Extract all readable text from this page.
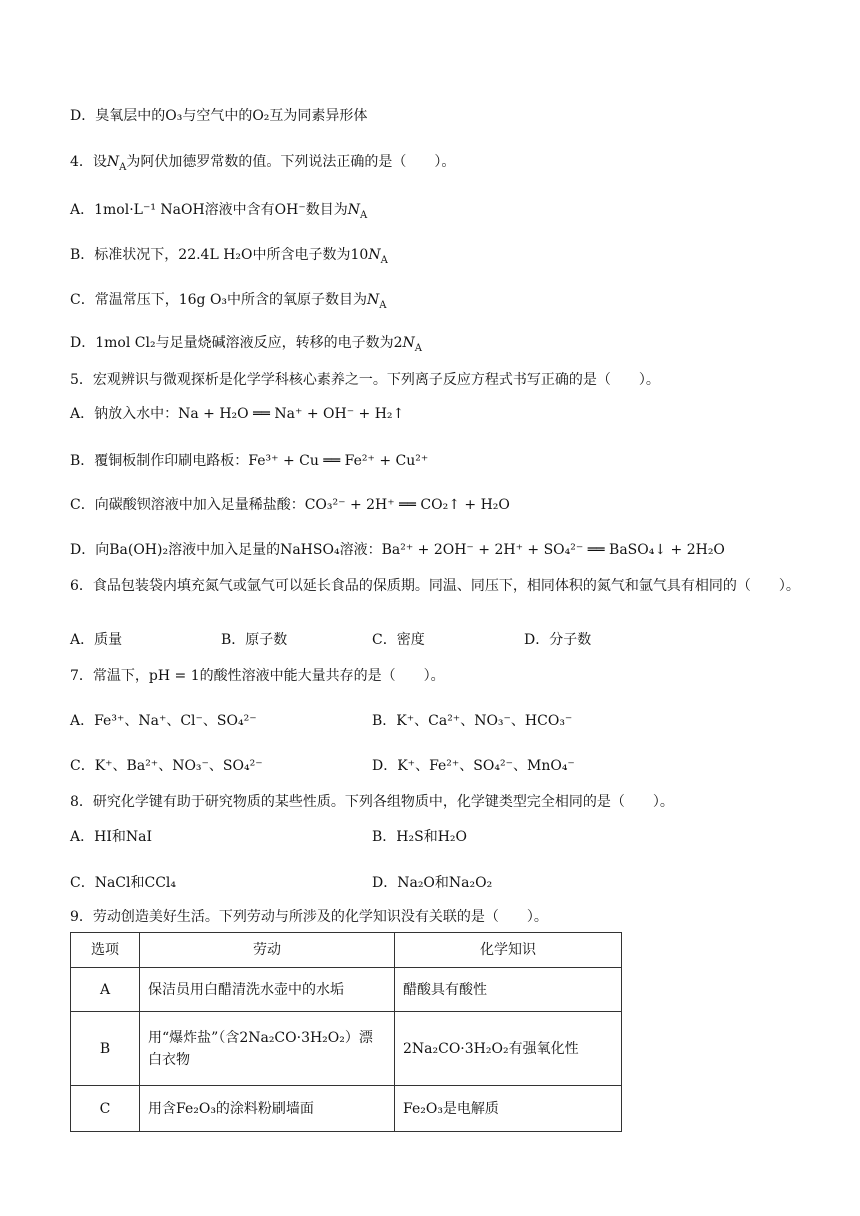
D．臭氧层中的O₃与空气中的O₂互为同素异形体
4．设$N_A$为阿伏加德罗常数的值。下列说法正确的是（　　）。
A．1mol·L⁻¹ NaOH溶液中含有OH⁻数目为$N_A$
B．标准状况下，22.4L H₂O中所含电子数为$10N_A$
C．常温常压下，16g O₃中所含的氧原子数目为$N_A$
D．1mol Cl₂与足量烧碱溶液反应，转移的电子数为$2N_A$
5．宏观辨识与微观探析是化学学科核心素养之一。下列离子反应方程式书写正确的是（　　）。
A．钠放入水中：Na + H₂O ══ Na⁺ + OH⁻ + H₂↑
B．覆铜板制作印刷电路板：Fe³⁺ + Cu ══ Fe²⁺ + Cu²⁺
C．向碳酸钡溶液中加入足量稀盐酸：CO₃²⁻ + 2H⁺ ══ CO₂↑ + H₂O
D．向Ba(OH)₂溶液中加入足量的NaHSO₄溶液：Ba²⁺ + 2OH⁻ + 2H⁺ + SO₄²⁻ ══ BaSO₄↓ + 2H₂O
6．食品包装袋内填充氮气或氩气可以延长食品的保质期。同温、同压下，相同体积的氮气和氩气具有相同的（　　）。
A．质量	B．原子数	C．密度	D．分子数
7．常温下，pH = 1的酸性溶液中能大量共存的是（　　）。
A．Fe³⁺、Na⁺、Cl⁻、SO₄²⁻	B．K⁺、Ca²⁺、NO₃⁻、HCO₃⁻
C．K⁺、Ba²⁺、NO₃⁻、SO₄²⁻	D．K⁺、Fe²⁺、SO₄²⁻、MnO₄⁻
8．研究化学键有助于研究物质的某些性质。下列各组物质中，化学键类型完全相同的是（　　）。
A．HI和NaI	B．H₂S和H₂O
C．NaCl和CCl₄	D．Na₂O和Na₂O₂
9．劳动创造美好生活。下列劳动与所涉及的化学知识没有关联的是（　　）。
选项	劳动	化学知识
A	保洁员用白醋清洗水壶中的水垢	醋酸具有酸性
B	用“爆炸盐”（含2Na₂CO·3H₂O₂）漂白衣物	2Na₂CO·3H₂O₂有强氧化性
C	用含Fe₂O₃的涂料粉刷墙面	Fe₂O₃是电解质
